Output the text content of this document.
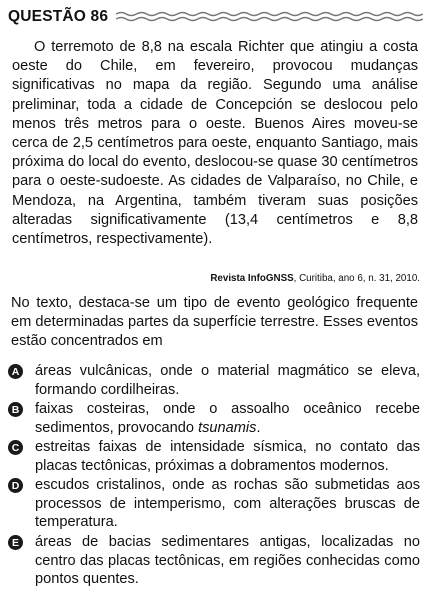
QUESTÃO 86

O terremoto de 8,8 na escala Richter que atingiu a costa oeste do Chile, em fevereiro, provocou mudanças significativas no mapa da região. Segundo uma análise preliminar, toda a cidade de Concepción se deslocou pelo menos três metros para o oeste. Buenos Aires moveu-se cerca de 2,5 centímetros para oeste, enquanto Santiago, mais próxima do local do evento, deslocou-se quase 30 centímetros para o oeste-sudoeste. As cidades de Valparaíso, no Chile, e Mendoza, na Argentina, também tiveram suas posições alteradas significativamente (13,4 centímetros e 8,8 centímetros, respectivamente).

Revista InfoGNSS, Curitiba, ano 6, n. 31, 2010.
No texto, destaca-se um tipo de evento geológico frequente em determinadas partes da superfície terrestre. Esses eventos estão concentrados em
A áreas vulcânicas, onde o material magmático se eleva, formando cordilheiras.
B faixas costeiras, onde o assoalho oceânico recebe sedimentos, provocando tsunamis.
C estreitas faixas de intensidade sísmica, no contato das placas tectônicas, próximas a dobramentos modernos.
D escudos cristalinos, onde as rochas são submetidas aos processos de intemperismo, com alterações bruscas de temperatura.
E áreas de bacias sedimentares antigas, localizadas no centro das placas tectônicas, em regiões conhecidas como pontos quentes.
